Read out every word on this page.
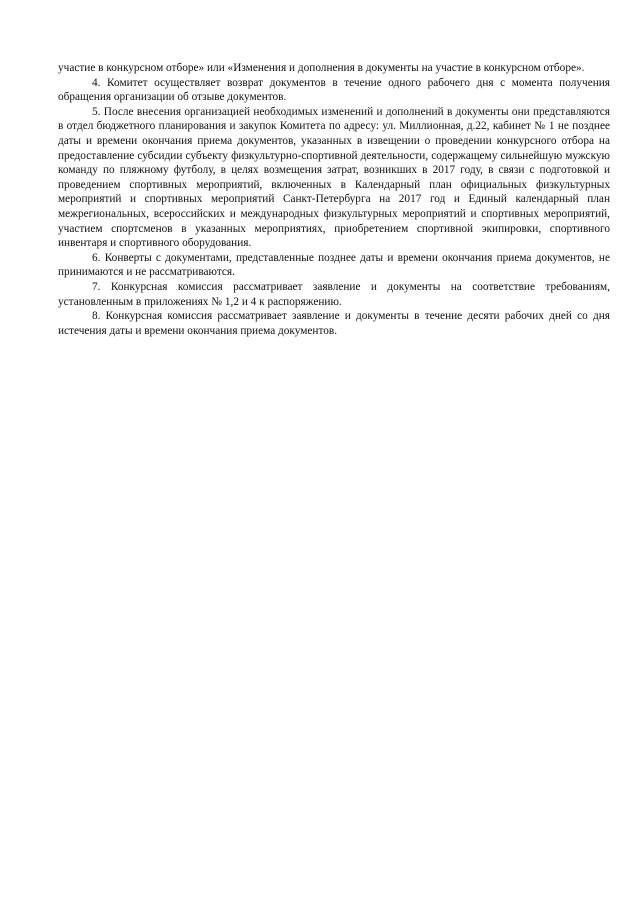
участие в конкурсном отборе» или «Изменения и дополнения в документы на участие в конкурсном отборе».

4. Комитет осуществляет возврат документов в течение одного рабочего дня с момента получения обращения организации об отзыве документов.

5. После внесения организацией необходимых изменений и дополнений в документы они представляются в отдел бюджетного планирования и закупок Комитета по адресу: ул. Миллионная, д.22, кабинет № 1 не позднее даты и времени окончания приема документов, указанных в извещении о проведении конкурсного отбора на предоставление субсидии субъекту физкультурно-спортивной деятельности, содержащему сильнейшую мужскую команду по пляжному футболу, в целях возмещения затрат, возникших в 2017 году, в связи с подготовкой и проведением спортивных мероприятий, включенных в Календарный план официальных физкультурных мероприятий и спортивных мероприятий Санкт-Петербурга на 2017 год и Единый календарный план межрегиональных, всероссийских и международных физкультурных мероприятий и спортивных мероприятий, участием спортсменов в указанных мероприятиях, приобретением спортивной экипировки, спортивного инвентаря и спортивного оборудования.

6. Конверты с документами, представленные позднее даты и времени окончания приема документов, не принимаются и не рассматриваются.

7. Конкурсная комиссия рассматривает заявление и документы на соответствие требованиям, установленным в приложениях № 1,2 и 4 к распоряжению.

8. Конкурсная комиссия рассматривает заявление и документы в течение десяти рабочих дней со дня истечения даты и времени окончания приема документов.
